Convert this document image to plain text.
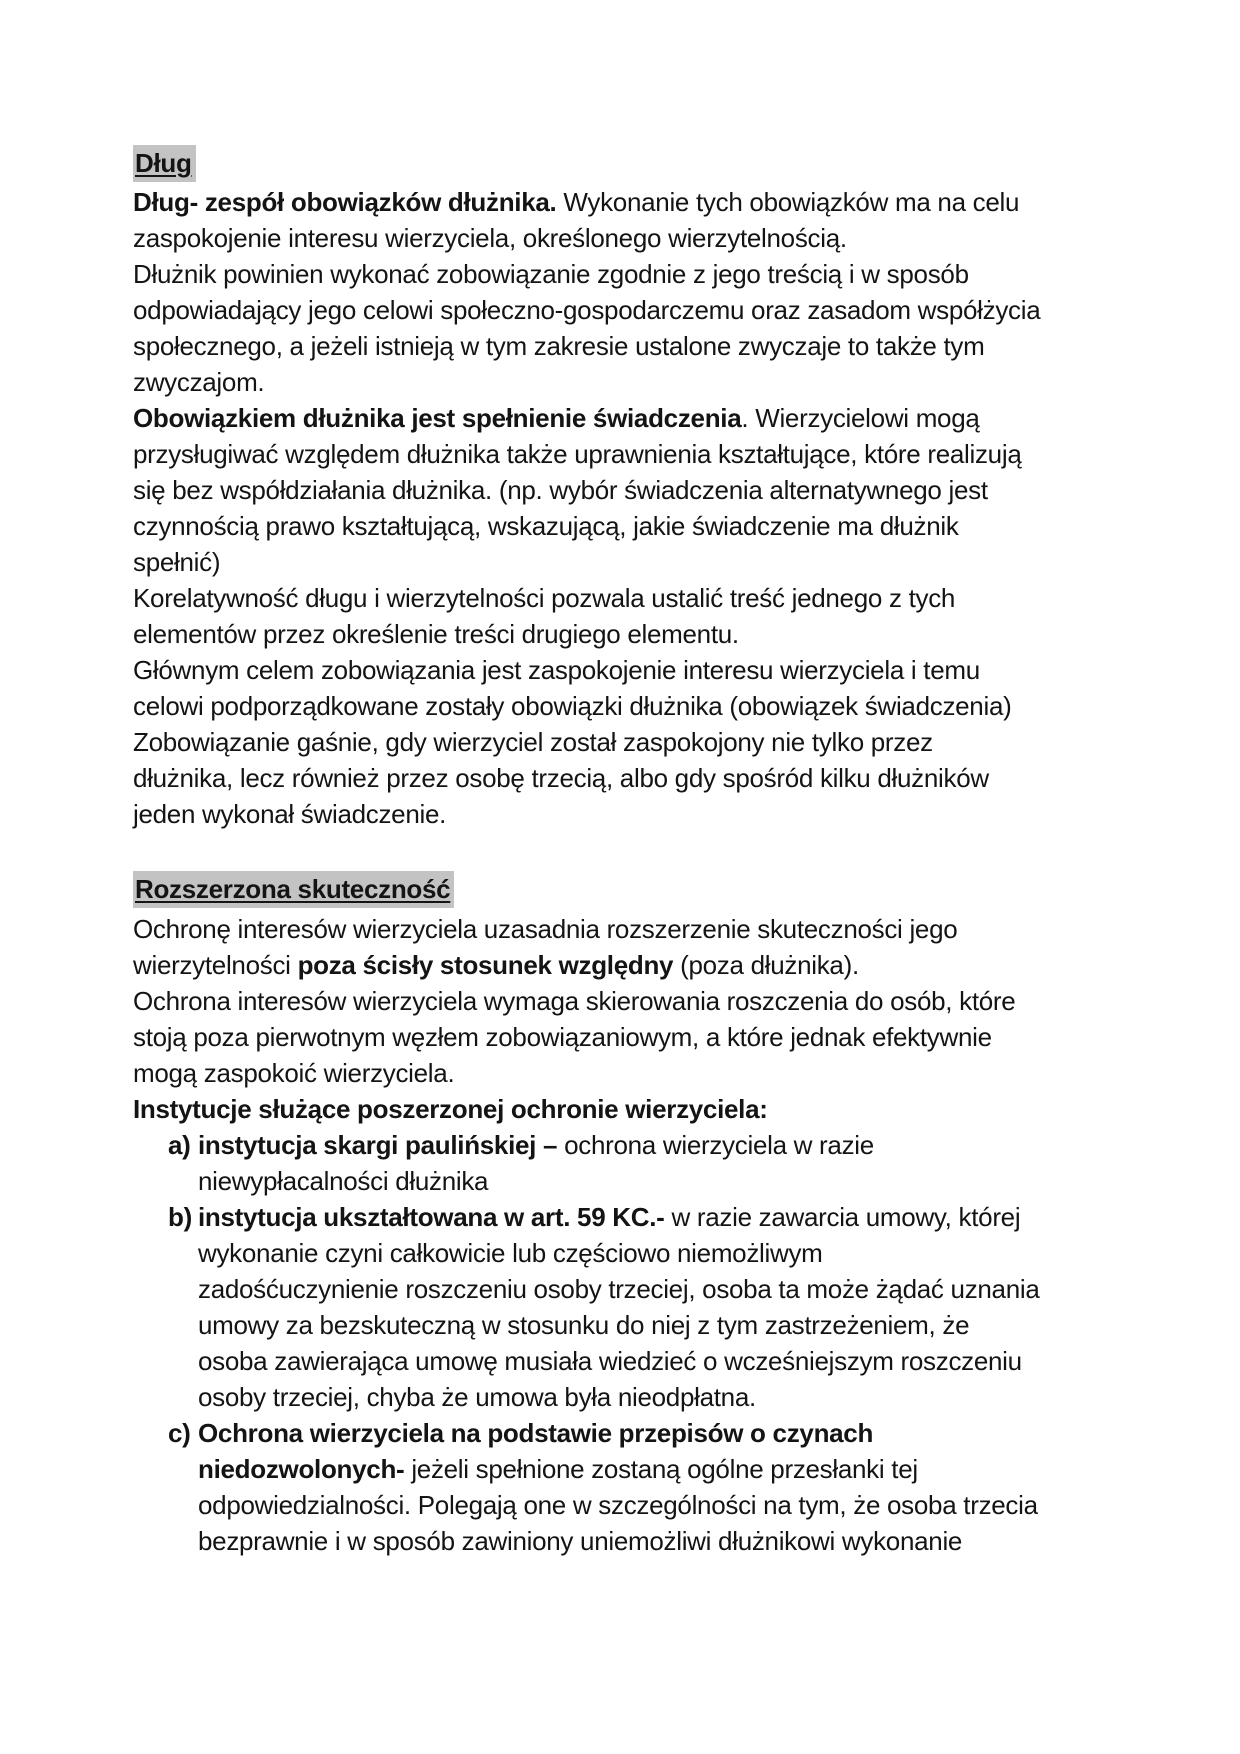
Dług
Dług- zespół obowiązków dłużnika. Wykonanie tych obowiązków ma na celu
zaspokojenie interesu wierzyciela, określonego wierzytelnością.
Dłużnik powinien wykonać zobowiązanie zgodnie z jego treścią i w sposób
odpowiadający jego celowi społeczno-gospodarczemu oraz zasadom współżycia
społecznego, a jeżeli istnieją w tym zakresie ustalone zwyczaje to także tym
zwyczajom.
Obowiązkiem dłużnika jest spełnienie świadczenia. Wierzycielowi mogą
przysługiwać względem dłużnika także uprawnienia kształtujące, które realizują
się bez współdziałania dłużnika. (np. wybór świadczenia alternatywnego jest
czynnością prawo kształtującą, wskazującą, jakie świadczenie ma dłużnik
spełnić)
Korelatywność długu i wierzytelności pozwala ustalić treść jednego z tych
elementów przez określenie treści drugiego elementu.
Głównym celem zobowiązania jest zaspokojenie interesu wierzyciela i temu
celowi podporządkowane zostały obowiązki dłużnika (obowiązek świadczenia)
Zobowiązanie gaśnie, gdy wierzyciel został zaspokojony nie tylko przez
dłużnika, lecz również przez osobę trzecią, albo gdy spośród kilku dłużników
jeden wykonał świadczenie.
Rozszerzona skuteczność
Ochronę interesów wierzyciela uzasadnia rozszerzenie skuteczności jego
wierzytelności poza ścisły stosunek względny (poza dłużnika).
Ochrona interesów wierzyciela wymaga skierowania roszczenia do osób, które
stoją poza pierwotnym węzłem zobowiązaniowym, a które jednak efektywnie
mogą zaspokoić wierzyciela.
Instytucje służące poszerzonej ochronie wierzyciela:
a) instytucja skargi paulińskiej – ochrona wierzyciela w razie
niewypłacalności dłużnika
b) instytucja ukształtowana w art. 59 KC.- w razie zawarcia umowy, której
wykonanie czyni całkowicie lub częściowo niemożliwym
zadośćuczynienie roszczeniu osoby trzeciej, osoba ta może żądać uznania
umowy za bezskuteczną w stosunku do niej z tym zastrzeżeniem, że
osoba zawierająca umowę musiała wiedzieć o wcześniejszym roszczeniu
osoby trzeciej, chyba że umowa była nieodpłatna.
c) Ochrona wierzyciela na podstawie przepisów o czynach
niedozwolonych- jeżeli spełnione zostaną ogólne przesłanki tej
odpowiedzialności. Polegają one w szczególności na tym, że osoba trzecia
bezprawnie i w sposób zawiniony uniemożliwi dłużnikowi wykonanie
